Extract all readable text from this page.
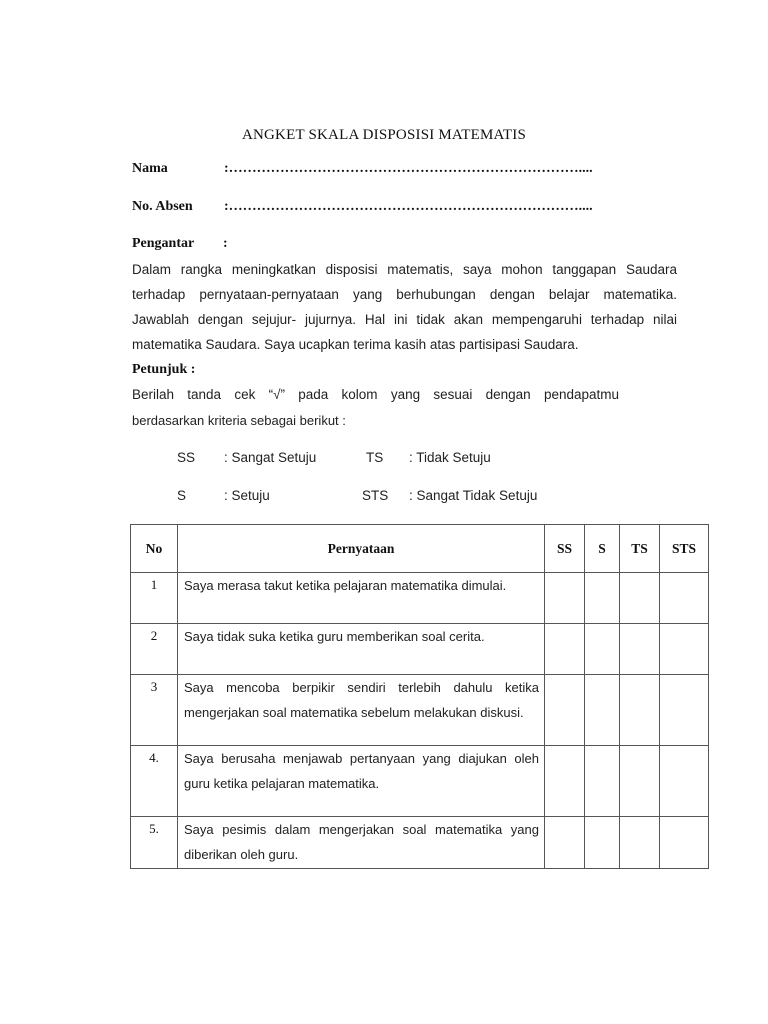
ANGKET SKALA DISPOSISI MATEMATIS
Nama	:…………………………………………………………………....
No. Absen :…………………………………………………………………....
Pengantar :
Dalam rangka meningkatkan disposisi matematis, saya mohon tanggapan Saudara
terhadap pernyataan-pernyataan yang berhubungan dengan belajar matematika.
Jawablah dengan sejujur- jujurnya. Hal ini tidak akan mempengaruhi terhadap nilai
matematika Saudara. Saya ucapkan terima kasih atas partisipasi Saudara.
Petunjuk :
Berilah tanda cek “√” pada kolom yang sesuai dengan pendapatmu
berdasarkan kriteria sebagai berikut :
SS : Sangat Setuju	TS : Tidak Setuju
S	: Setuju	STS : Sangat Tidak Setuju
No	Pernyataan	SS	S	TS	STS
1	Saya merasa takut ketika pelajaran matematika dimulai.				
2	Saya tidak suka ketika guru memberikan soal cerita.				
3	Saya mencoba berpikir sendiri terlebih dahulu ketika mengerjakan soal matematika sebelum melakukan diskusi.				
4.	Saya berusaha menjawab pertanyaan yang diajukan oleh guru ketika pelajaran matematika.				
5.	Saya pesimis dalam mengerjakan soal matematika yang diberikan oleh guru.				
